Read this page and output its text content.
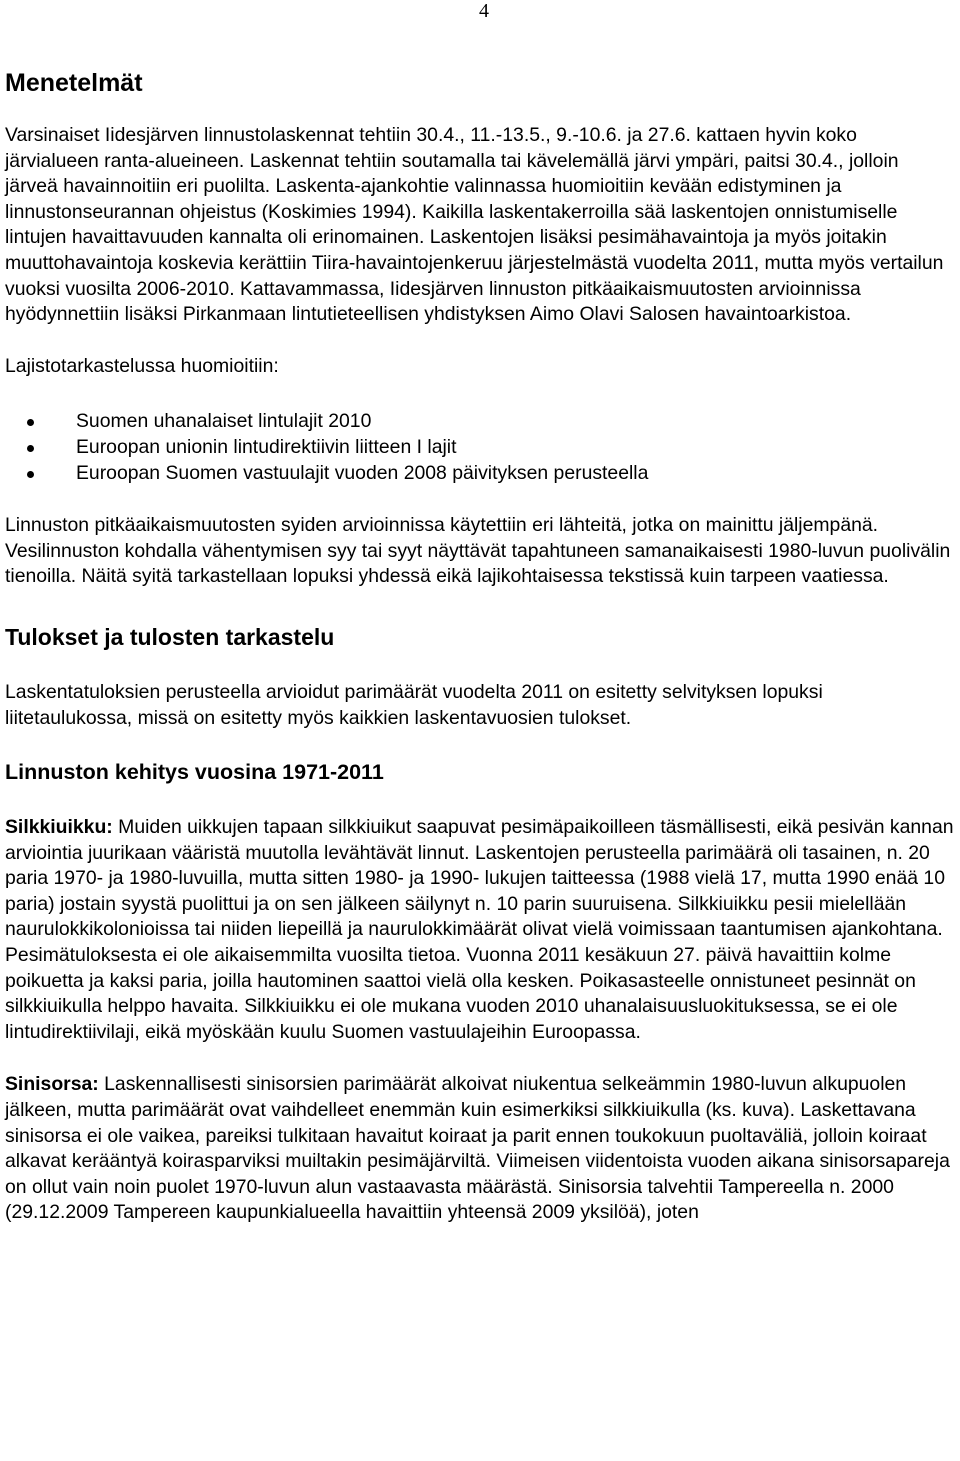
4
Menetelmät

Varsinaiset Iidesjärven linnustolaskennat tehtiin 30.4., 11.-13.5., 9.-10.6. ja 27.6. kattaen hyvin koko järvialueen ranta-alueineen. Laskennat tehtiin soutamalla tai kävelemällä järvi ympäri, paitsi 30.4., jolloin järveä havainnoitiin eri puolilta. Laskenta-ajankohtie valinnassa huomioitiin kevään edistyminen ja linnustonseurannan ohjeistus (Koskimies 1994). Kaikilla laskentakerroilla sää laskentojen onnistumiselle lintujen havaittavuuden kannalta oli erinomainen. Laskentojen lisäksi pesimähavaintoja ja myös joitakin muuttohavaintoja koskevia kerättiin Tiira-havaintojenkeruu järjestelmästä vuodelta 2011, mutta myös vertailun vuoksi vuosilta 2006-2010. Kattavammassa, Iidesjärven linnuston pitkäaikaismuutosten arvioinnissa hyödynnettiin lisäksi Pirkanmaan lintutieteellisen yhdistyksen Aimo Olavi Salosen havaintoarkistoa.

Lajistotarkastelussa huomioitiin:

Suomen uhanalaiset lintulajit 2010
Euroopan unionin lintudirektiivin liitteen I lajit
Euroopan Suomen vastuulajit vuoden 2008 päivityksen perusteella

Linnuston pitkäaikaismuutosten syiden arvioinnissa käytettiin eri lähteitä, jotka on mainittu jäljempänä. Vesilinnuston kohdalla vähentymisen syy tai syyt näyttävät tapahtuneen samanaikaisesti 1980-luvun puolivälin tienoilla. Näitä syitä tarkastellaan lopuksi yhdessä eikä lajikohtaisessa tekstissä kuin tarpeen vaatiessa.

Tulokset ja tulosten tarkastelu

Laskentatuloksien perusteella arvioidut parimäärät vuodelta 2011 on esitetty selvityksen lopuksi liitetaulukossa, missä on esitetty myös kaikkien laskentavuosien tulokset.

Linnuston kehitys vuosina 1971-2011

Silkkiuikku: Muiden uikkujen tapaan silkkiuikut saapuvat pesimäpaikoilleen täsmällisesti, eikä pesivän kannan arviointia juurikaan vääristä muutolla levähtävät linnut. Laskentojen perusteella parimäärä oli tasainen, n. 20 paria 1970- ja 1980-luvuilla, mutta sitten 1980- ja 1990- lukujen taitteessa (1988 vielä 17, mutta 1990 enää 10 paria) jostain syystä puolittui ja on sen jälkeen säilynyt n. 10 parin suuruisena. Silkkiuikku pesii mielellään naurulokkikolonioissa tai niiden liepeillä ja naurulokkimäärät olivat vielä voimissaan taantumisen ajankohtana. Pesimätuloksesta ei ole aikaisemmilta vuosilta tietoa. Vuonna 2011 kesäkuun 27. päivä havaittiin kolme poikuetta ja kaksi paria, joilla hautominen saattoi vielä olla kesken. Poikasasteelle onnistuneet pesinnät on silkkiuikulla helppo havaita. Silkkiuikku ei ole mukana vuoden 2010 uhanalaisuusluokituksessa, se ei ole lintudirektiivilaji, eikä myöskään kuulu Suomen vastuulajeihin Euroopassa.

Sinisorsa: Laskennallisesti sinisorsien parimäärät alkoivat niukentua selkeämmin 1980-luvun alkupuolen jälkeen, mutta parimäärät ovat vaihdelleet enemmän kuin esimerkiksi silkkiuikulla (ks. kuva). Laskettavana sinisorsa ei ole vaikea, pareiksi tulkitaan havaitut koiraat ja parit ennen toukokuun puoltaväliä, jolloin koiraat alkavat kerääntyä koirasparviksi muiltakin pesimäjärviltä. Viimeisen viidentoista vuoden aikana sinisorsapareja on ollut vain noin puolet 1970-luvun alun vastaavasta määrästä. Sinisorsia talvehtii Tampereella n. 2000 (29.12.2009 Tampereen kaupunkialueella havaittiin yhteensä 2009 yksilöä), joten
